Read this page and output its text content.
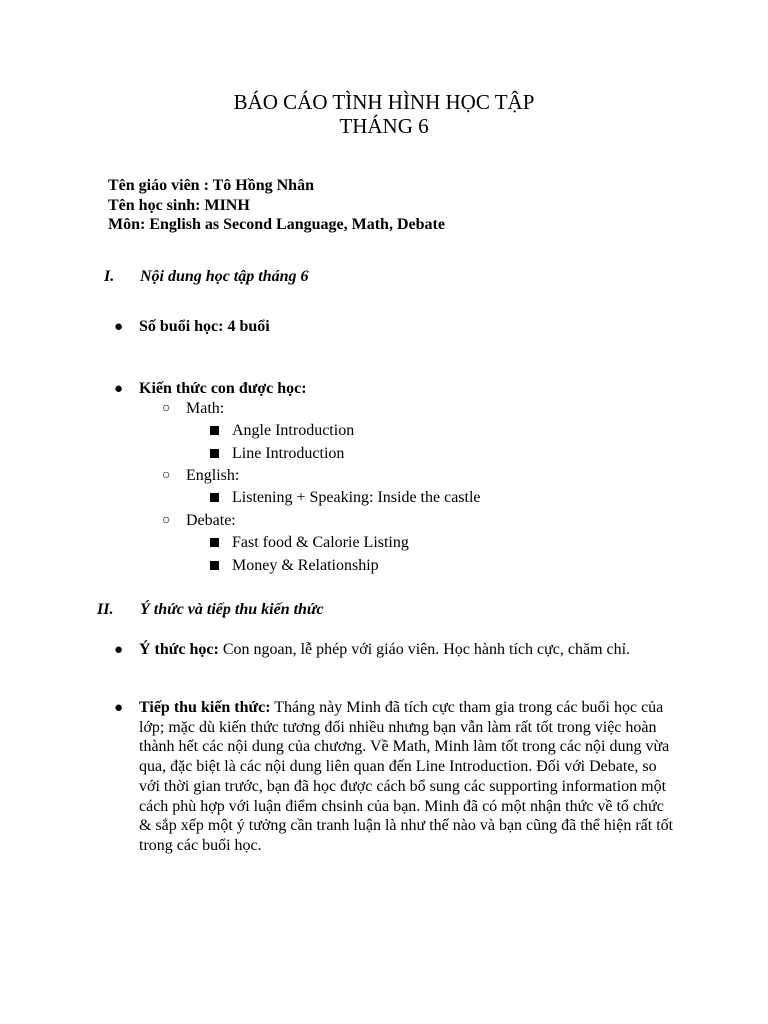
BÁO CÁO TÌNH HÌNH HỌC TẬP
THÁNG 6
Tên giáo viên : Tô Hồng Nhân
Tên học sinh: MINH
Môn: English as Second Language, Math, Debate
I. Nội dung học tập tháng 6
● Số buổi học: 4 buổi
● Kiến thức con được học:
○ Math:
Angle Introduction
Line Introduction
○ English:
Listening + Speaking: Inside the castle
○ Debate:
Fast food & Calorie Listing
Money & Relationship
II. Ý thức và tiếp thu kiến thức
● Ý thức học: Con ngoan, lễ phép với giáo viên. Học hành tích cực, chăm chỉ.
● Tiếp thu kiến thức: Tháng này Minh đã tích cực tham gia trong các buổi học của lớp; mặc dù kiến thức tương đối nhiều nhưng bạn vẫn làm rất tốt trong việc hoàn thành hết các nội dung của chương. Về Math, Minh làm tốt trong các nội dung vừa qua, đặc biệt là các nội dung liên quan đến Line Introduction. Đối với Debate, so với thời gian trước, bạn đã học được cách bổ sung các supporting information một cách phù hợp với luận điểm chsinh của bạn. Minh đã có một nhận thức về tổ chức & sắp xếp một ý tưởng cần tranh luận là như thế nào và bạn cũng đã thể hiện rất tốt trong các buổi học.
